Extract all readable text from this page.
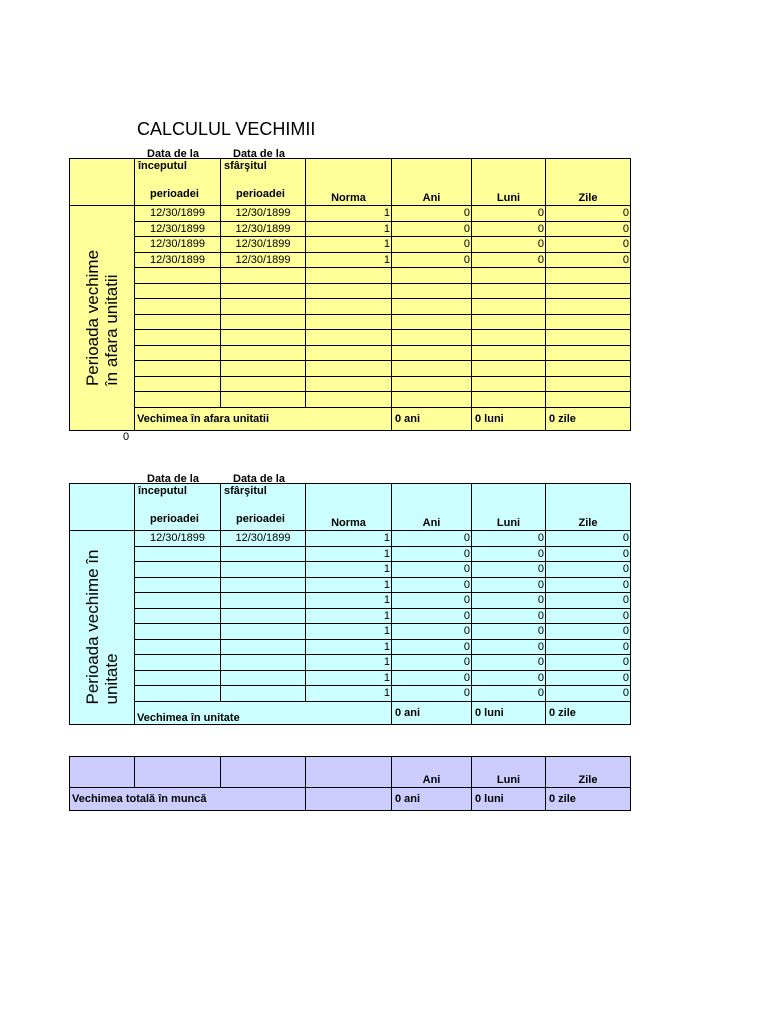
CALCULUL VECHIMII

	Data de la
începutul
perioadei	Data de la
sfârşitul
perioadei	Norma	Ani	Luni	Zile

Perioada vechime în afara unitatii	12/30/1899	12/30/1899	1	0	0	0
	12/30/1899	12/30/1899	1	0	0	0
	12/30/1899	12/30/1899	1	0	0	0
	12/30/1899	12/30/1899	1	0	0	0

	Vechimea în afara unitatii			0 ani	0 luni	0 zile
0

	Data de la
începutul
perioadei	Data de la
sfârşitul
perioadei	Norma	Ani	Luni	Zile

Perioada vechime în unitate	12/30/1899	12/30/1899	1	0	0	0
			1	0	0	0
			1	0	0	0
			1	0	0	0
			1	0	0	0
			1	0	0	0
			1	0	0	0
			1	0	0	0
			1	0	0	0
			1	0	0	0
			1	0	0	0
	Vechimea în unitate			0 ani	0 luni	0 zile
				Ani	Luni	Zile
Vechimea totală în muncă				0 ani	0 luni	0 zile
